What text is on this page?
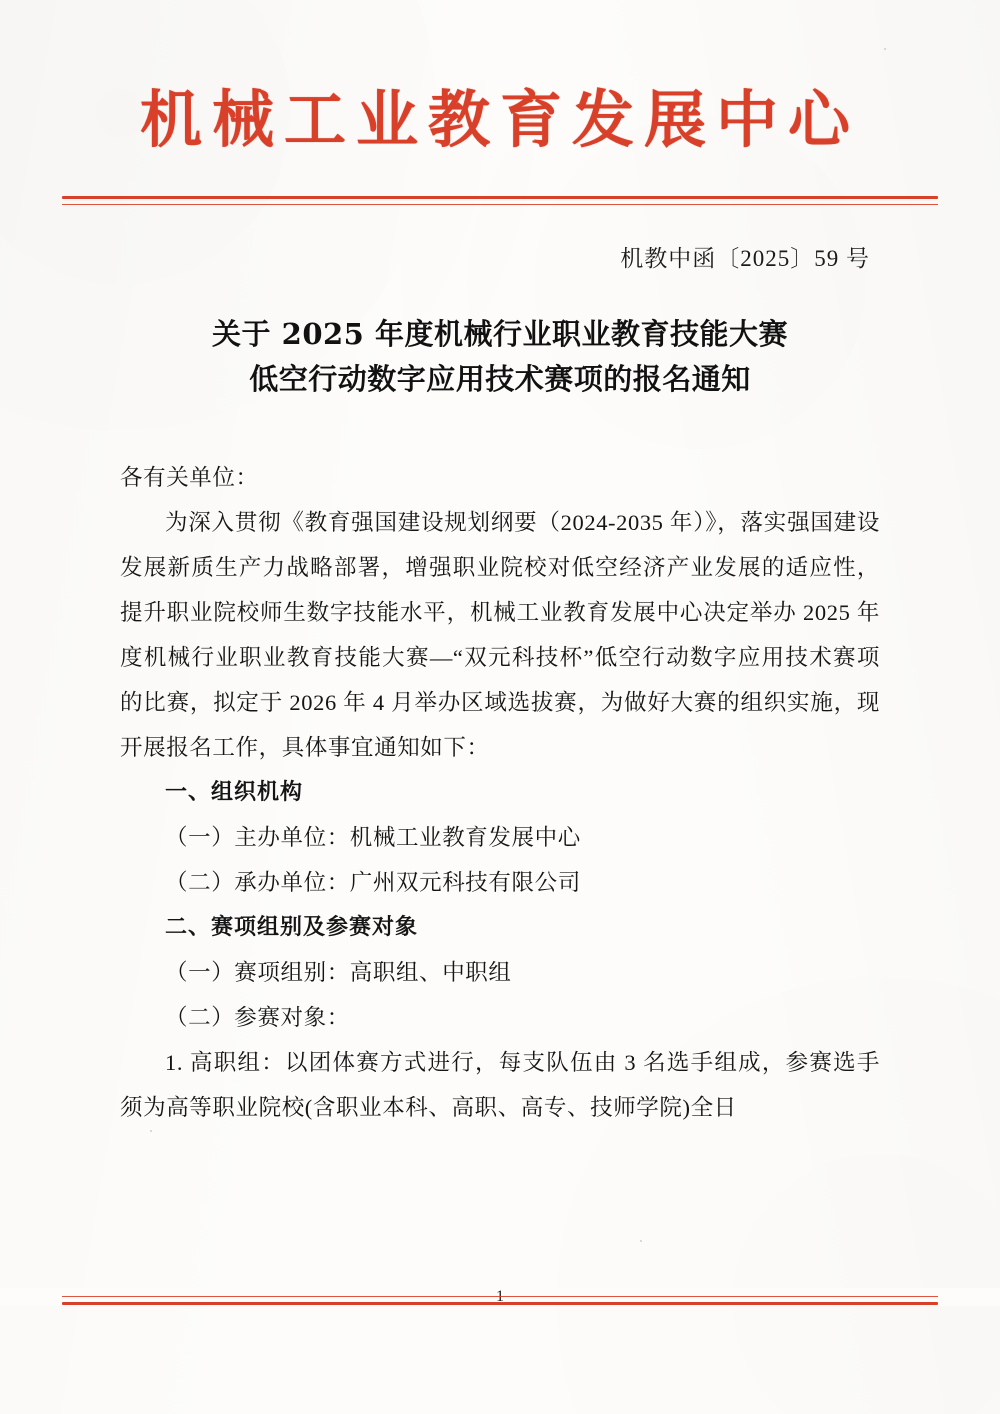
机械工业教育发展中心
机教中函〔2025〕59 号
关于 2025 年度机械行业职业教育技能大赛
低空行动数字应用技术赛项的报名通知

各有关单位：

为深入贯彻《教育强国建设规划纲要（2024-2035 年）》，落实强国建设发展新质生产力战略部署，增强职业院校对低空经济产业发展的适应性，提升职业院校师生数字技能水平，机械工业教育发展中心决定举办 2025 年度机械行业职业教育技能大赛—“双元科技杯”低空行动数字应用技术赛项的比赛，拟定于 2026 年 4 月举办区域选拔赛，为做好大赛的组织实施，现开展报名工作，具体事宜通知如下：

一、组织机构

（一）主办单位：机械工业教育发展中心

（二）承办单位：广州双元科技有限公司

二、赛项组别及参赛对象

（一）赛项组别：高职组、中职组

（二）参赛对象：

1. 高职组：以团体赛方式进行，每支队伍由 3 名选手组成，参赛选手须为高等职业院校(含职业本科、高职、高专、技师学院)全日
